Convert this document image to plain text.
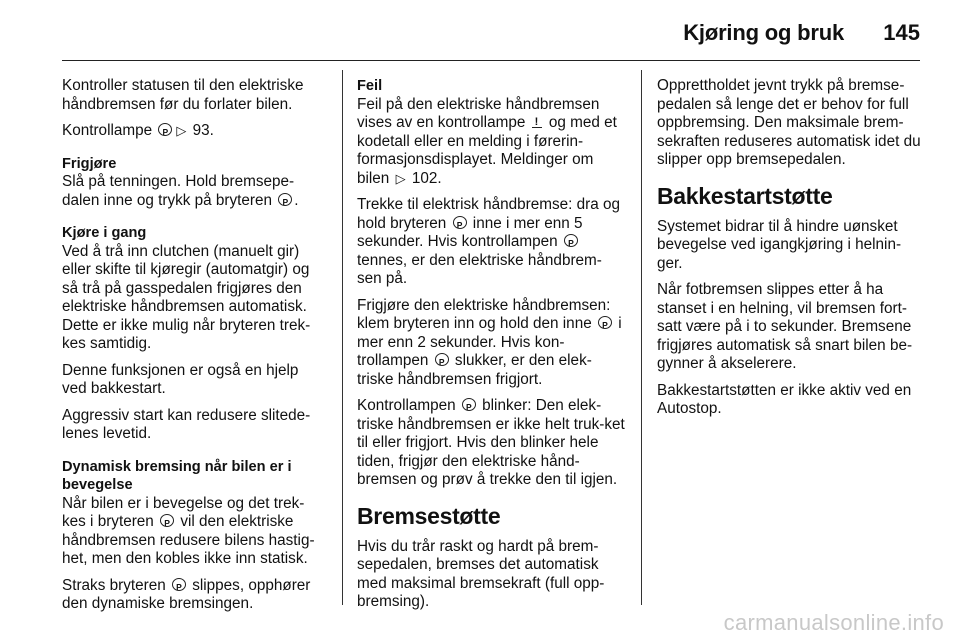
Kjøring og bruk 145

Kontroller statusen til den elektriske håndbremsen før du forlater bilen.

Kontrollampe P▷ 93.

Frigjøre

Slå på tenningen. Hold bremsepe-dalen inne og trykk på bryteren P.

Kjøre i gang

Ved å trå inn clutchen (manuelt gir) eller skifte til kjøregir (automatgir) og så trå på gasspedalen frigjøres den elektriske håndbremsen automatisk. Dette er ikke mulig når bryteren trek-kes samtidig.

Denne funksjonen er også en hjelp ved bakkestart.

Aggressiv start kan redusere slitede-lenes levetid.

Dynamisk bremsing når bilen er i bevegelse

Når bilen er i bevegelse og det trek-kes i bryteren P vil den elektriske håndbremsen redusere bilens hastig-het, men den kobles ikke inn statisk.

Straks bryteren P slippes, opphører den dynamiske bremsingen.

Feil

Feil på den elektriske håndbremsen vises av en kontrollampe ! og med et kodetall eller en melding i førerin-formasjonsdisplayet. Meldinger om bilen ▷ 102.

Trekke til elektrisk håndbremse: dra og hold bryteren P inne i mer enn 5 sekunder. Hvis kontrollampen P tennes, er den elektriske håndbrem-sen på.

Frigjøre den elektriske håndbremsen: klem bryteren inn og hold den inne P i mer enn 2 sekunder. Hvis kon-trollampen P slukker, er den elek-triske håndbremsen frigjort.

Kontrollampen P blinker: Den elek-triske håndbremsen er ikke helt truk-ket til eller frigjort. Hvis den blinker hele tiden, frigjør den elektriske hånd-bremsen og prøv å trekke den til igjen.

Bremsestøtte

Hvis du trår raskt og hardt på brem-sepedalen, bremses det automatisk med maksimal bremsekraft (full opp-bremsing).

Opprettholdet jevnt trykk på bremse-pedalen så lenge det er behov for full oppbremsing. Den maksimale brem-sekraften reduseres automatisk idet du slipper opp bremsepedalen.

Bakkestartstøtte

Systemet bidrar til å hindre uønsket bevegelse ved igangkjøring i helnin-ger.

Når fotbremsen slippes etter å ha stanset i en helning, vil bremsen fort-satt være på i to sekunder. Bremsene frigjøres automatisk så snart bilen be-gynner å akselerere.

Bakkestartstøtten er ikke aktiv ved en Autostop.

carmanualsonline.info
